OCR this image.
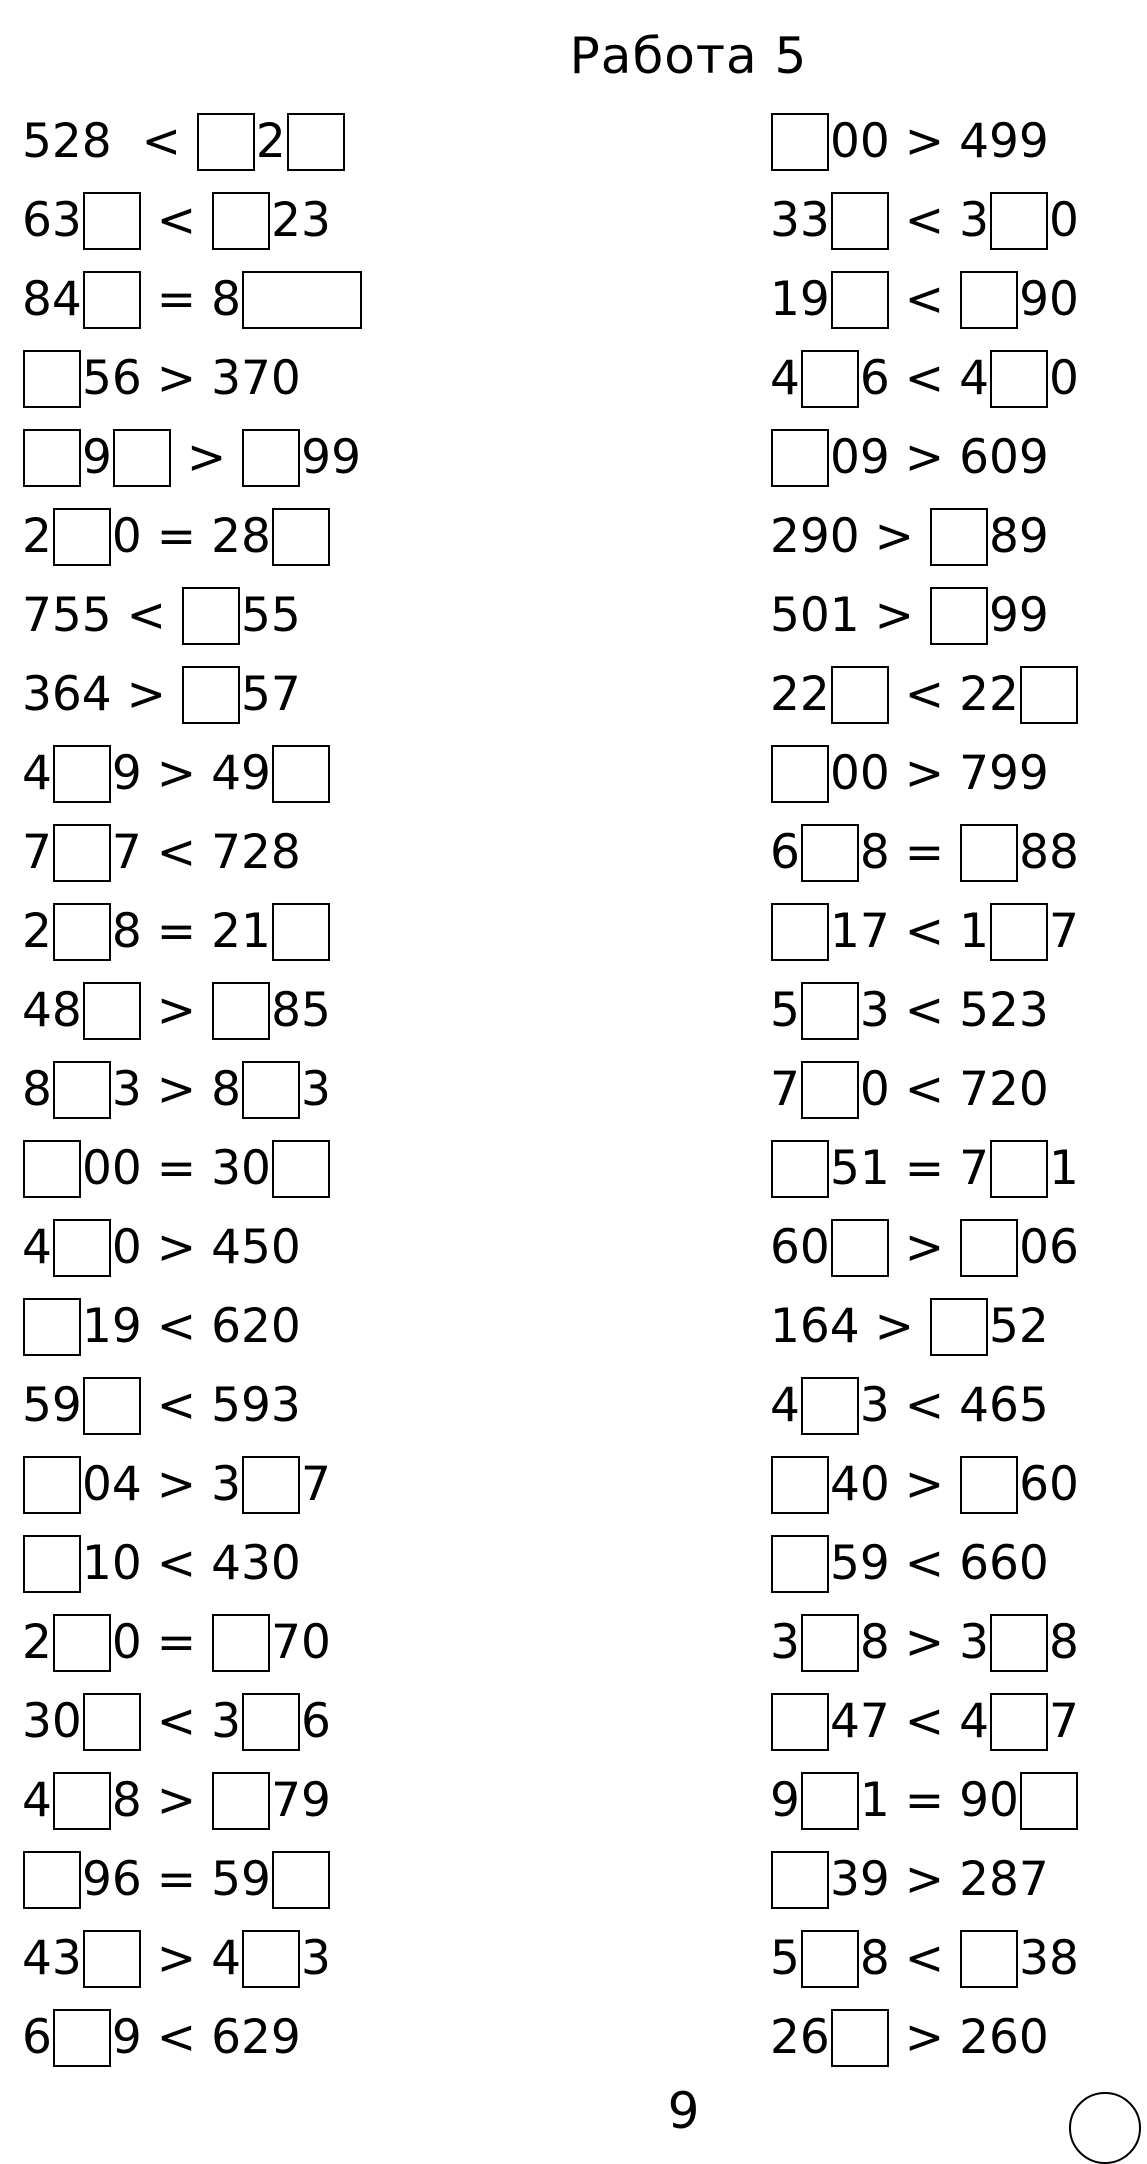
Работа 5
528 < 2
63 < 23
84 = 8
56 > 370
9 > 99
2 0 = 28
755 < 55
364 > 57
4 9 > 49
7 7 < 728
2 8 = 21
48 > 85
8 3 > 8 3
00 = 30
4 0 > 450
19 < 620
59 < 593
04 > 3 7
10 < 430
2 0 = 70
30 < 3 6
4 8 > 79
96 = 59
43 > 4 3
6 9 < 629
00 > 499
33 < 3 0
19 < 90
4 6 < 4 0
09 > 609
290 > 89
501 > 99
22 < 22
00 > 799
6 8 = 88
17 < 1 7
5 3 < 523
7 0 < 720
51 = 7 1
60 > 06
164 > 52
4 3 < 465
40 > 60
59 < 660
3 8 > 3 8
47 < 4 7
9 1 = 90
39 > 287
5 8 < 38
26 > 260
9
